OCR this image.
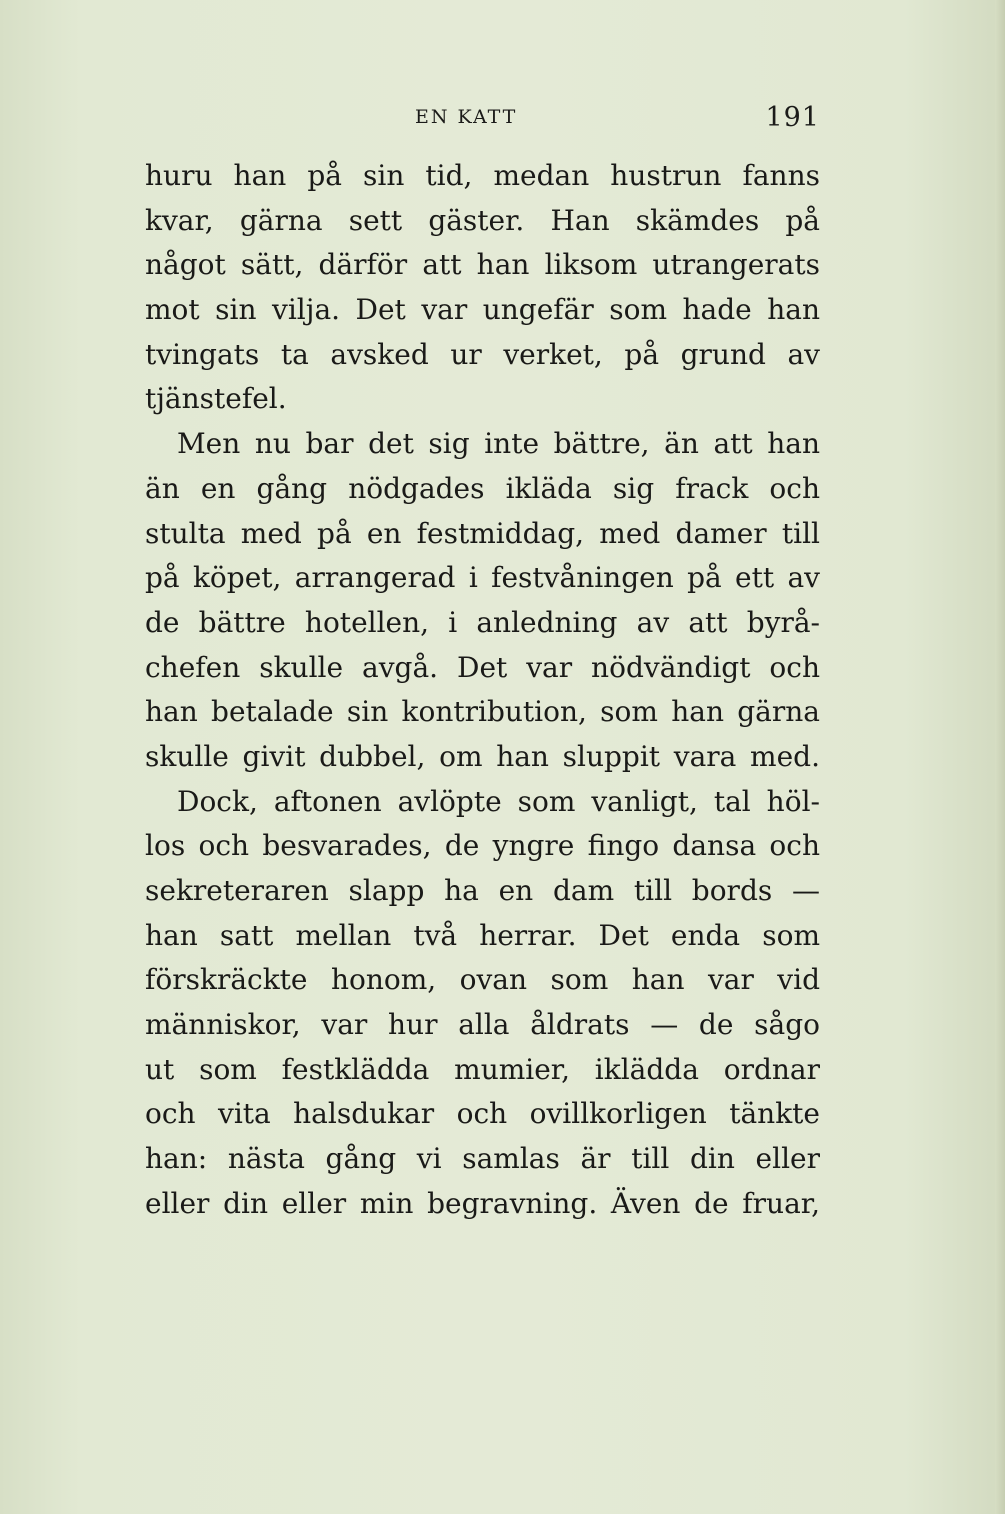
EN KATT	191
huru han på sin tid, medan hustrun fanns
kvar, gärna sett gäster. Han skämdes på
något sätt, därför att han liksom utrangerats
mot sin vilja. Det var ungefär som hade han
tvingats ta avsked ur verket, på grund av
tjänstefel.
Men nu bar det sig inte bättre, än att han
än en gång nödgades ikläda sig frack och
stulta med på en festmiddag, med damer till
på köpet, arrangerad i festvåningen på ett av
de bättre hotellen, i anledning av att byrå-
chefen skulle avgå. Det var nödvändigt och
han betalade sin kontribution, som han gärna
skulle givit dubbel, om han sluppit vara med.
Dock, aftonen avlöpte som vanligt, tal höl-
los och besvarades, de yngre fingo dansa och
sekreteraren slapp ha en dam till bords —
han satt mellan två herrar. Det enda som
förskräckte honom, ovan som han var vid
människor, var hur alla åldrats — de sågo
ut som festklädda mumier, iklädda ordnar
och vita halsdukar och ovillkorligen tänkte
han: nästa gång vi samlas är till din eller
eller din eller min begravning. Även de fruar,
